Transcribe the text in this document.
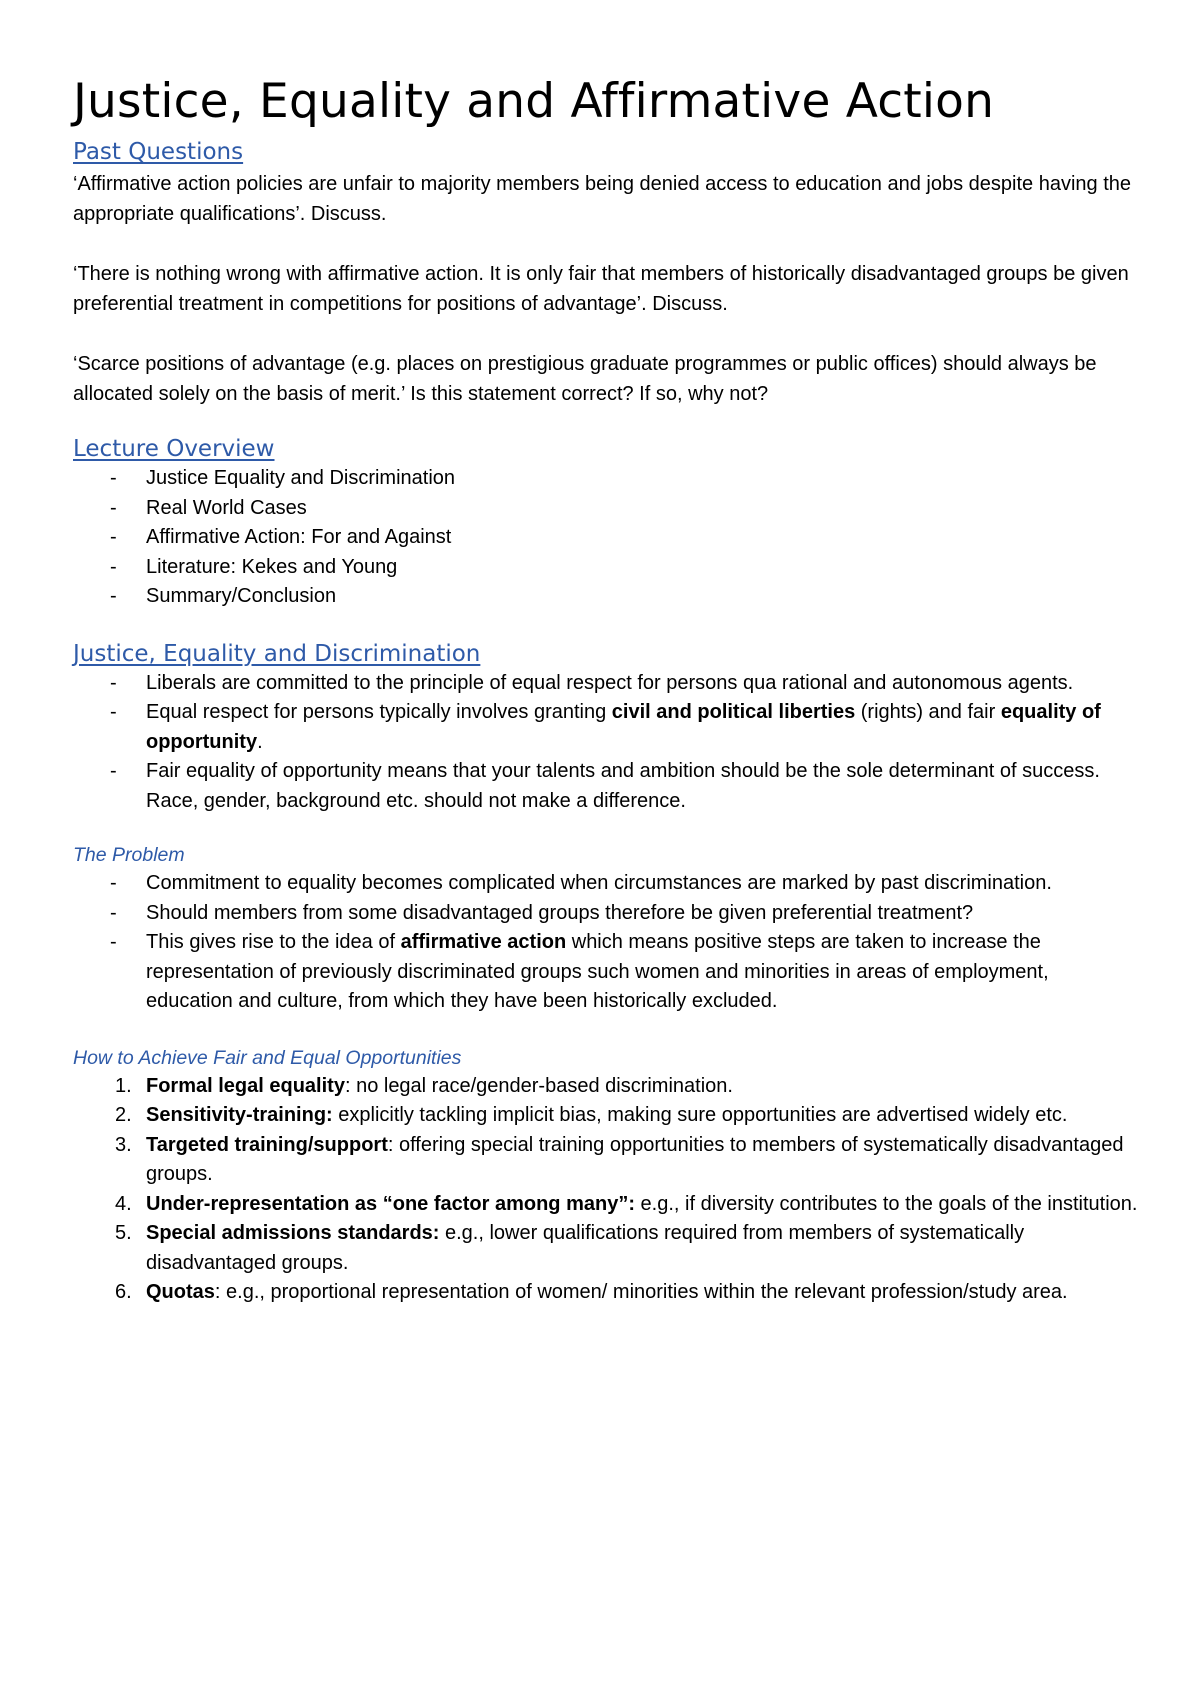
Justice, Equality and Affirmative Action
Past Questions

‘Affirmative action policies are unfair to majority members being denied access to education and jobs despite having the appropriate qualifications’. Discuss.

‘There is nothing wrong with affirmative action. It is only fair that members of historically disadvantaged groups be given preferential treatment in competitions for positions of advantage’. Discuss.

‘Scarce positions of advantage (e.g. places on prestigious graduate programmes or public offices) should always be allocated solely on the basis of merit.’ Is this statement correct? If so, why not?

Lecture Overview
- Justice Equality and Discrimination
- Real World Cases
- Affirmative Action: For and Against
- Literature: Kekes and Young
- Summary/Conclusion
Justice, Equality and Discrimination
- Liberals are committed to the principle of equal respect for persons qua rational and autonomous agents.
- Equal respect for persons typically involves granting civil and political liberties (rights) and fair equality of opportunity.
- Fair equality of opportunity means that your talents and ambition should be the sole determinant of success. Race, gender, background etc. should not make a difference.
The Problem
- Commitment to equality becomes complicated when circumstances are marked by past discrimination.
- Should members from some disadvantaged groups therefore be given preferential treatment?
- This gives rise to the idea of affirmative action which means positive steps are taken to increase the representation of previously discriminated groups such women and minorities in areas of employment, education and culture, from which they have been historically excluded.
How to Achieve Fair and Equal Opportunities
1. Formal legal equality: no legal race/gender-based discrimination.
2. Sensitivity-training: explicitly tackling implicit bias, making sure opportunities are advertised widely etc.
3. Targeted training/support: offering special training opportunities to members of systematically disadvantaged groups.
4. Under-representation as “one factor among many”: e.g., if diversity contributes to the goals of the institution.
5. Special admissions standards: e.g., lower qualifications required from members of systematically disadvantaged groups.
6. Quotas: e.g., proportional representation of women/ minorities within the relevant profession/study area.
